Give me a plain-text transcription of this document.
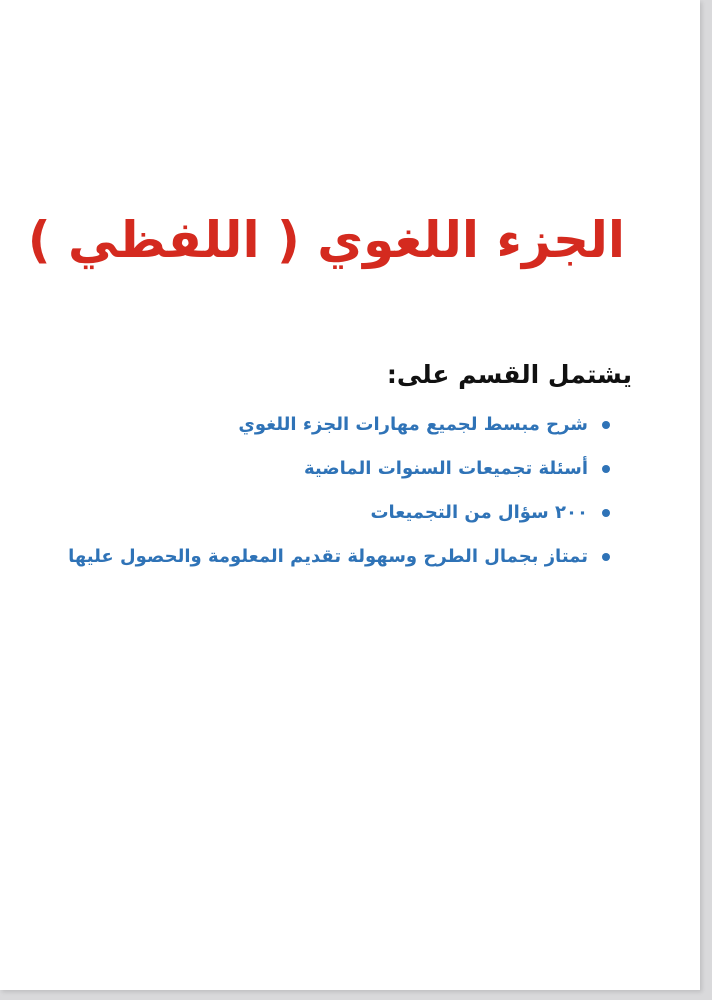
الجزء اللغوي ( اللفظي )

يشتمل القسم على:

شرح مبسط لجميع مهارات الجزء اللغوي
أسئلة تجميعات السنوات الماضية
٢٠٠ سؤال من التجميعات
تمتاز بجمال الطرح وسهولة تقديم المعلومة والحصول عليها
